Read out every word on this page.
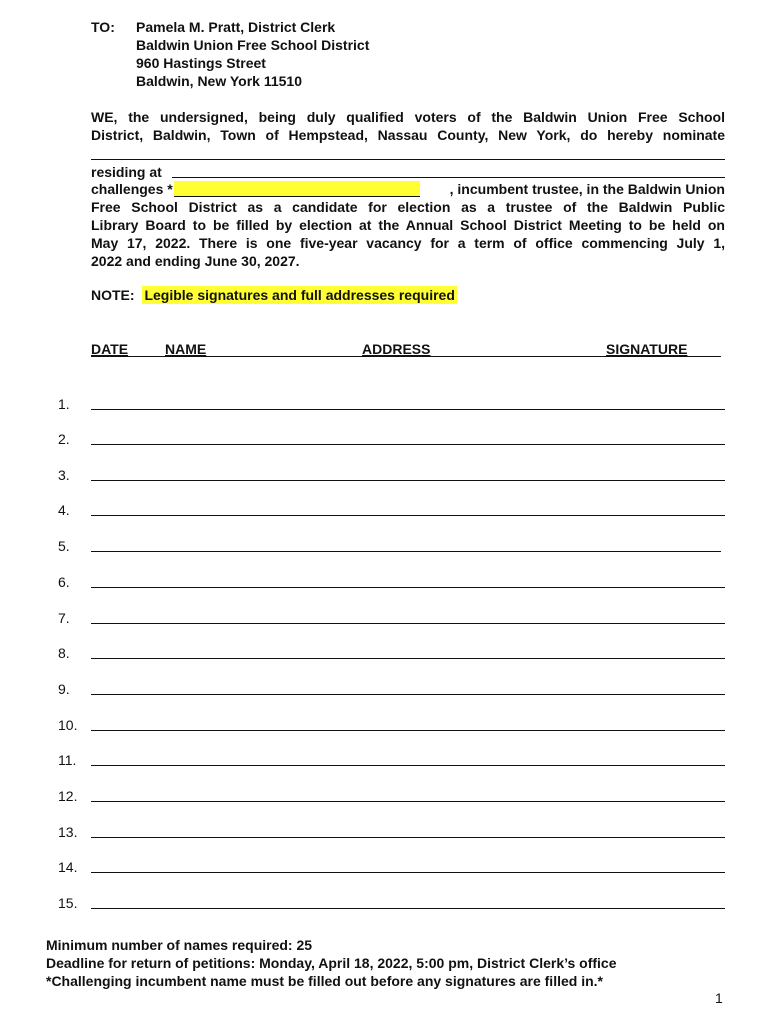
TO:	Pamela M. Pratt, District Clerk
Baldwin Union Free School District
960 Hastings Street
Baldwin, New York 11510
WE, the undersigned, being duly qualified voters of the Baldwin Union Free School
District, Baldwin, Town of Hempstead, Nassau County, New York, do hereby nominate
residing at
challenges *	, incumbent trustee, in the Baldwin Union
Free School District as a candidate for election as a trustee of the Baldwin Public
Library Board to be filled by election at the Annual School District Meeting to be held on
May 17, 2022. There is one five-year vacancy for a term of office commencing July 1,
2022 and ending June 30, 2027.
NOTE: Legible signatures and full addresses required
DATE	NAME	ADDRESS	SIGNATURE
1.
2.
3.
4.
5.
6.
7.
8.
9.
10.
11.
12.
13.
14.
15.
Minimum number of names required: 25
Deadline for return of petitions: Monday, April 18, 2022, 5:00 pm, District Clerk’s office
*Challenging incumbent name must be filled out before any signatures are filled in.*
1
